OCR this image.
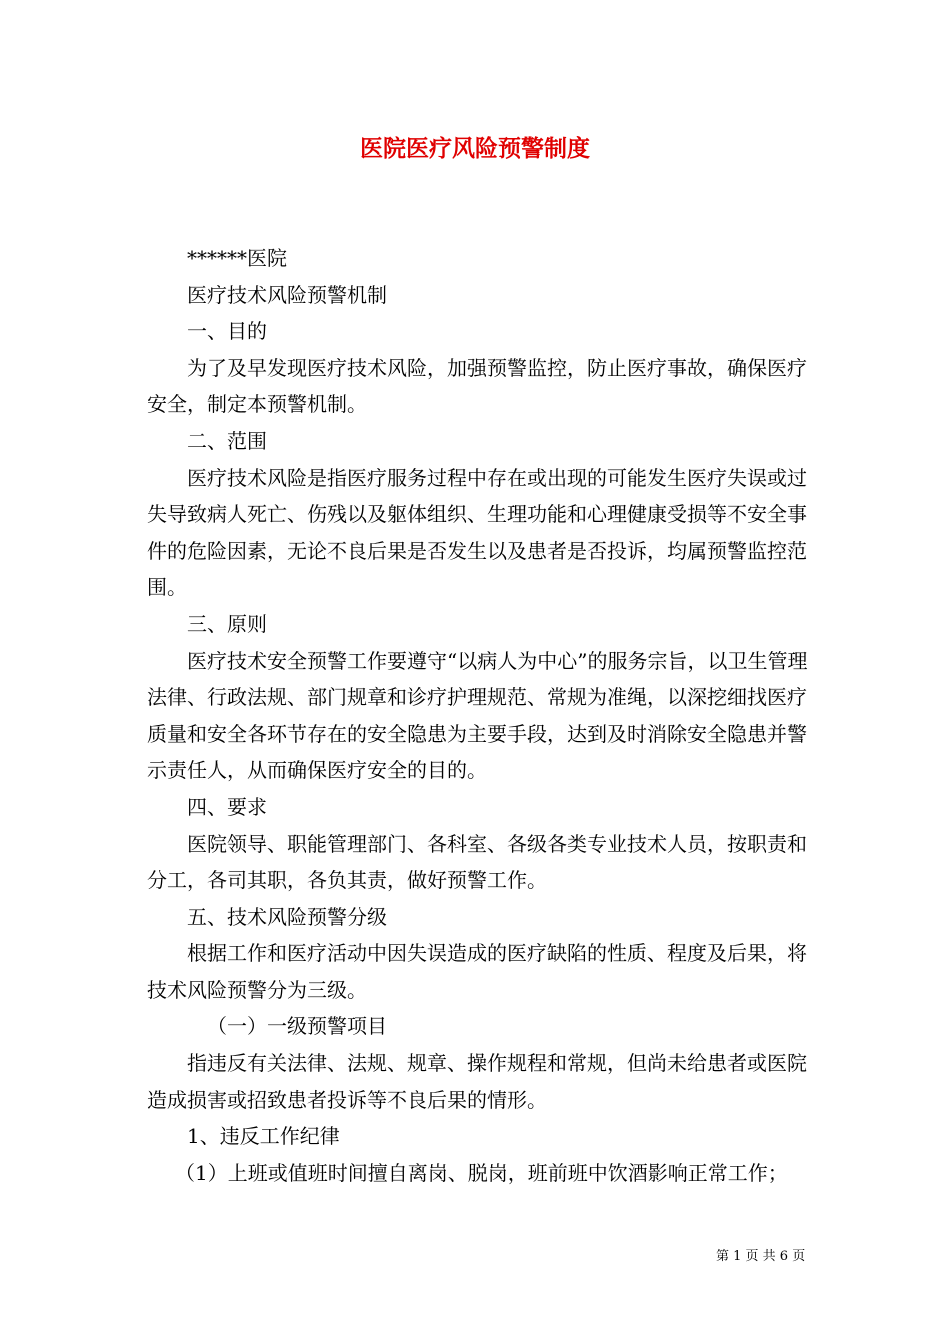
医院医疗风险预警制度

******医院

医疗技术风险预警机制

一、目的

为了及早发现医疗技术风险，加强预警监控，防止医疗事故，确保医疗安全，制定本预警机制。

二、范围

医疗技术风险是指医疗服务过程中存在或出现的可能发生医疗失误或过失导致病人死亡、伤残以及躯体组织、生理功能和心理健康受损等不安全事件的危险因素，无论不良后果是否发生以及患者是否投诉，均属预警监控范围。

三、原则

医疗技术安全预警工作要遵守“以病人为中心”的服务宗旨，以卫生管理法律、行政法规、部门规章和诊疗护理规范、常规为准绳，以深挖细找医疗质量和安全各环节存在的安全隐患为主要手段，达到及时消除安全隐患并警示责任人，从而确保医疗安全的目的。

四、要求

医院领导、职能管理部门、各科室、各级各类专业技术人员，按职责和分工，各司其职，各负其责，做好预警工作。

五、技术风险预警分级

根据工作和医疗活动中因失误造成的医疗缺陷的性质、程度及后果，将技术风险预警分为三级。

（一）一级预警项目

指违反有关法律、法规、规章、操作规程和常规，但尚未给患者或医院造成损害或招致患者投诉等不良后果的情形。

1、违反工作纪律

（1）上班或值班时间擅自离岗、脱岗，班前班中饮酒影响正常工作；

第 1 页 共 6 页
